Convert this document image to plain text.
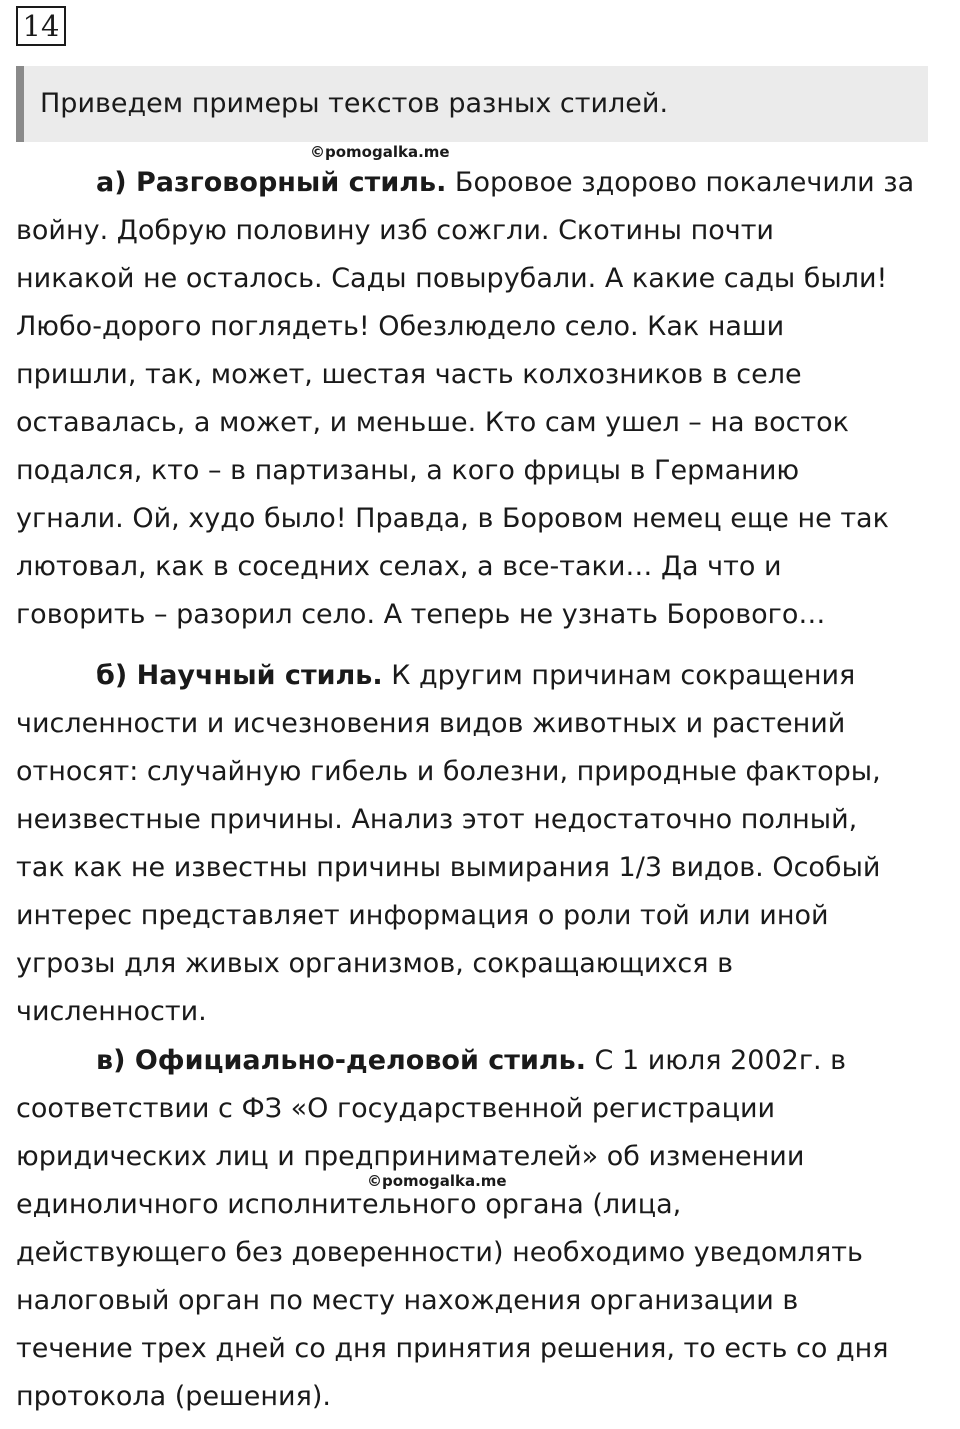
14
Приведем примеры текстов разных стилей.
©pomogalka.me
а) Разговорный стиль. Боровое здорово покалечили за
войну. Добрую половину изб сожгли. Скотины почти
никакой не осталось. Сады повырубали. А какие сады были!
Любо-дорого поглядеть! Обезлюдело село. Как наши
пришли, так, может, шестая часть колхозников в селе
оставалась, а может, и меньше. Кто сам ушел – на восток
подался, кто – в партизаны, а кого фрицы в Германию
угнали. Ой, худо было! Правда, в Боровом немец еще не так
лютовал, как в соседних селах, а все-таки… Да что и
говорить – разорил село. А теперь не узнать Борового…
б) Научный стиль. К другим причинам сокращения
численности и исчезновения видов животных и растений
относят: случайную гибель и болезни, природные факторы,
неизвестные причины. Анализ этот недостаточно полный,
так как не известны причины вымирания 1/3 видов. Особый
интерес представляет информация о роли той или иной
угрозы для живых организмов, сокращающихся в
численности.
в) Официально-деловой стиль. С 1 июля 2002г. в
соответствии с ФЗ «О государственной регистрации
юридических лиц и предпринимателей» об изменении
единоличного исполнительного органа (лица,
действующего без доверенности) необходимо уведомлять
налоговый орган по месту нахождения организации в
течение трех дней со дня принятия решения, то есть со дня
протокола (решения).
©pomogalka.me
